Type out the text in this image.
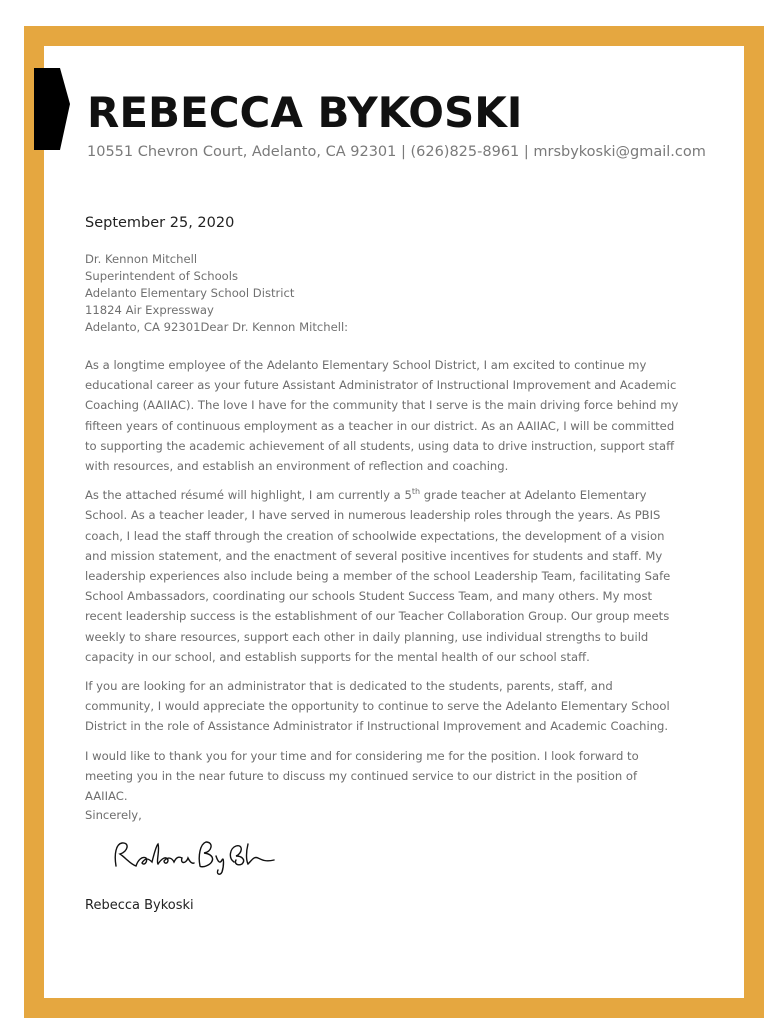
REBECCA BYKOSKI
10551 Chevron Court, Adelanto, CA 92301 | (626)825-8961 | mrsbykoski@gmail.com
September 25, 2020
Dr. Kennon Mitchell
Superintendent of Schools
Adelanto Elementary School District
11824 Air Expressway
Adelanto, CA 92301Dear Dr. Kennon Mitchell:

As a longtime employee of the Adelanto Elementary School District, I am excited to continue my educational career as your future Assistant Administrator of Instructional Improvement and Academic Coaching (AAIIAC). The love I have for the community that I serve is the main driving force behind my fifteen years of continuous employment as a teacher in our district. As an AAIIAC, I will be committed to supporting the academic achievement of all students, using data to drive instruction, support staff with resources, and establish an environment of reflection and coaching.

As the attached résumé will highlight, I am currently a 5th grade teacher at Adelanto Elementary School. As a teacher leader, I have served in numerous leadership roles through the years. As PBIS coach, I lead the staff through the creation of schoolwide expectations, the development of a vision and mission statement, and the enactment of several positive incentives for students and staff. My leadership experiences also include being a member of the school Leadership Team, facilitating Safe School Ambassadors, coordinating our schools Student Success Team, and many others. My most recent leadership success is the establishment of our Teacher Collaboration Group. Our group meets weekly to share resources, support each other in daily planning, use individual strengths to build capacity in our school, and establish supports for the mental health of our school staff.

If you are looking for an administrator that is dedicated to the students, parents, staff, and community, I would appreciate the opportunity to continue to serve the Adelanto Elementary School District in the role of Assistance Administrator if Instructional Improvement and Academic Coaching.

I would like to thank you for your time and for considering me for the position. I look forward to meeting you in the near future to discuss my continued service to our district in the position of AAIIAC.

Sincerely,
Rebecca Bykoski
